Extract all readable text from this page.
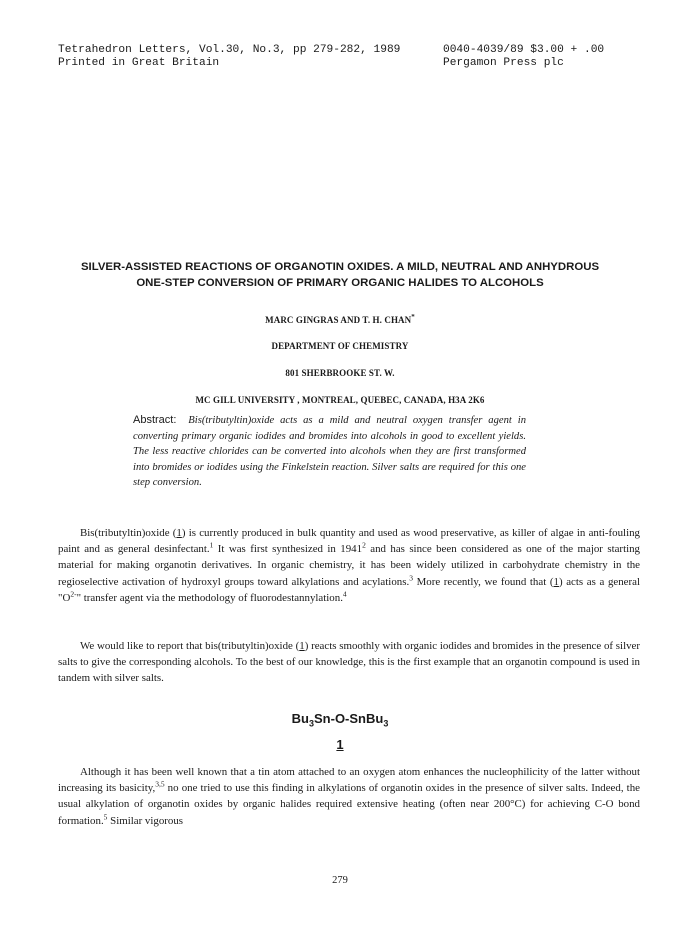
Tetrahedron Letters, Vol.30, No.3, pp 279-282, 1989	0040-4039/89 $3.00 + .00
Printed in Great Britain	Pergamon Press plc
SILVER-ASSISTED REACTIONS OF ORGANOTIN OXIDES. A MILD, NEUTRAL AND ANHYDROUS
ONE-STEP CONVERSION OF PRIMARY ORGANIC HALIDES TO ALCOHOLS
MARC GINGRAS AND T. H. CHAN*
DEPARTMENT OF CHEMISTRY
801 SHERBROOKE ST. W.
MC GILL UNIVERSITY , MONTREAL, QUEBEC, CANADA, H3A 2K6
Abstract: Bis(tributyltin)oxide acts as a mild and neutral oxygen transfer agent in converting primary organic iodides and bromides into alcohols in good to excellent yields. The less reactive chlorides can be converted into alcohols when they are first transformed into bromides or iodides using the Finkelstein reaction. Silver salts are required for this one step conversion.

Bis(tributyltin)oxide (1) is currently produced in bulk quantity and used as wood preservative, as killer of algae in anti-fouling paint and as general desinfectant.$^1$ It was first synthesized in 1941$^2$ and has since been considered as one of the major starting material for making organotin derivatives. In organic chemistry, it has been widely utilized in carbohydrate chemistry in the regioselective activation of hydroxyl groups toward alkylations and acylations.$^3$ More recently, we found that (1) acts as a general "$O^{2-}$" transfer agent via the methodology of fluorodestannylation.$^4$

We would like to report that bis(tributyltin)oxide (1) reacts smoothly with organic iodides and bromides in the presence of silver salts to give the corresponding alcohols. To the best of our knowledge, this is the first example that an organotin compound is used in tandem with silver salts.

$Bu_3Sn-O-SnBu_3$
1

Although it has been well known that a tin atom attached to an oxygen atom enhances the nucleophilicity of the latter without increasing its basicity,$^{3,5}$ no one tried to use this finding in alkylations of organotin oxides in the presence of silver salts. Indeed, the usual alkylation of organotin oxides by organic halides required extensive heating (often near 200°C) for achieving C-O bond formation.$^5$ Similar vigorous

279
